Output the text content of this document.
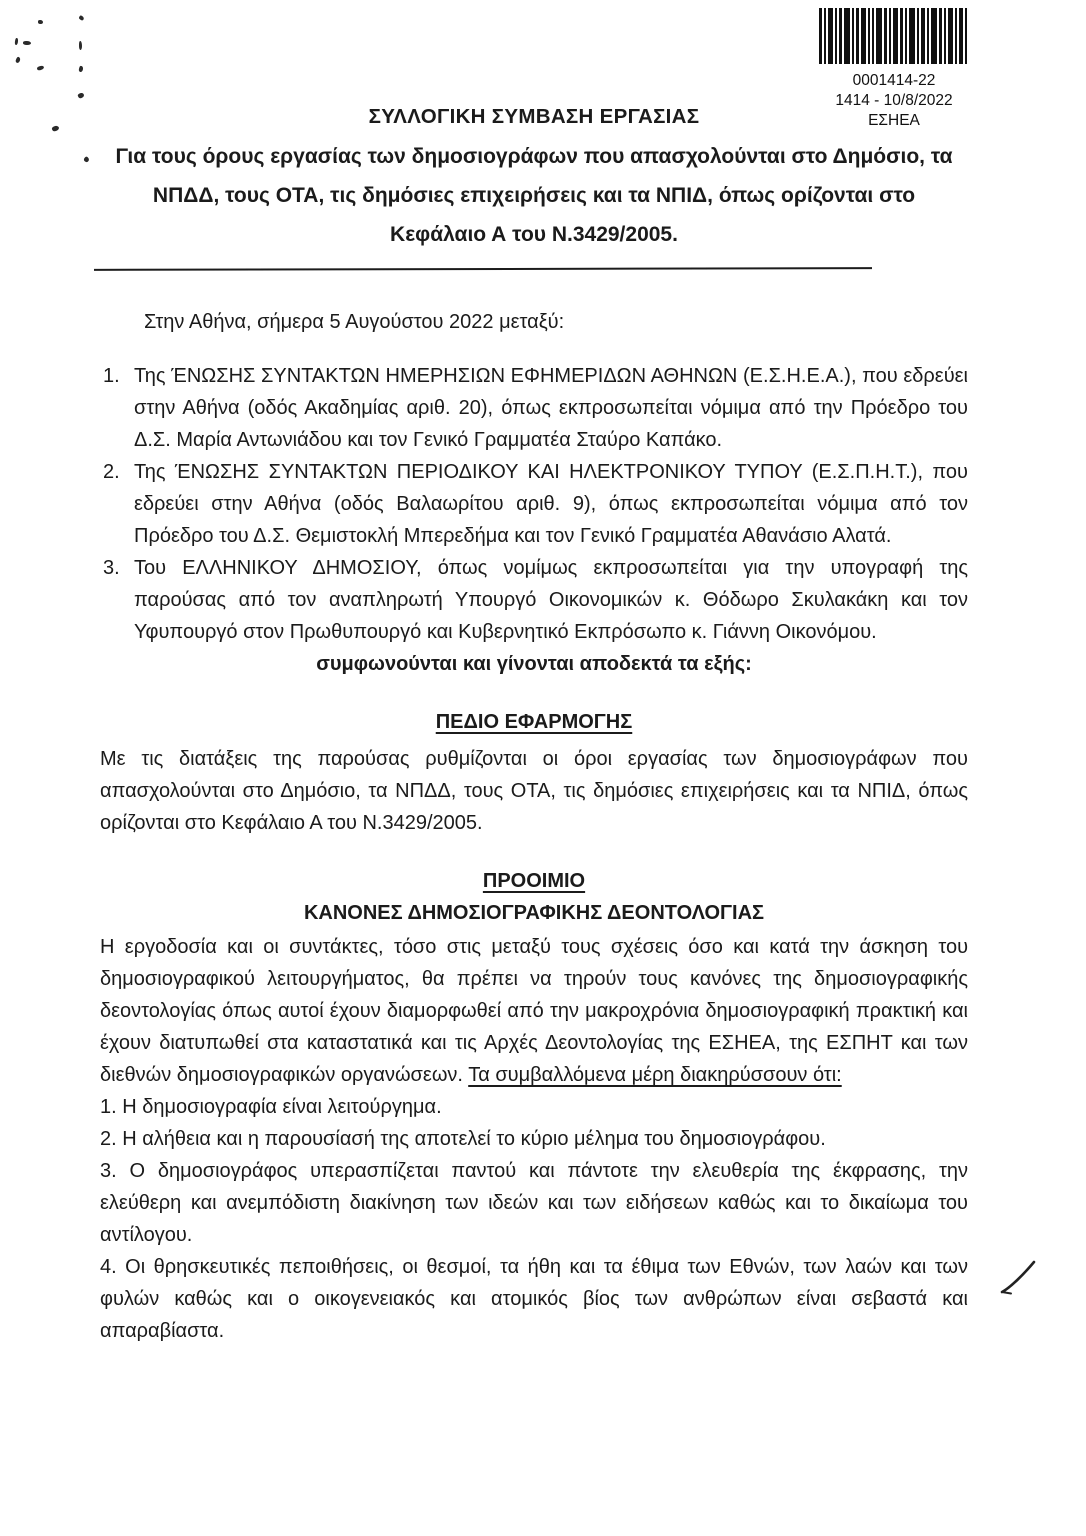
0001414-22
1414 - 10/8/2022
ΕΣΗΕΑ
ΣΥΛΛΟΓΙΚΗ ΣΥΜΒΑΣΗ ΕΡΓΑΣΙΑΣ
Για τους όρους εργασίας των δημοσιογράφων που απασχολούνται στο Δημόσιο, τα ΝΠΔΔ, τους ΟΤΑ, τις δημόσιες επιχειρήσεις και τα ΝΠΙΔ, όπως ορίζονται στο Κεφάλαιο Α του Ν.3429/2005.
Στην Αθήνα, σήμερα 5 Αυγούστου 2022 μεταξύ:
1. Της ΈΝΩΣΗΣ ΣΥΝΤΑΚΤΩΝ ΗΜΕΡΗΣΙΩΝ ΕΦΗΜΕΡΙΔΩΝ ΑΘΗΝΩΝ (Ε.Σ.Η.Ε.Α.), που εδρεύει στην Αθήνα (οδός Ακαδημίας αριθ. 20), όπως εκπροσωπείται νόμιμα από την Πρόεδρο του Δ.Σ. Μαρία Αντωνιάδου και τον Γενικό Γραμματέα Σταύρο Καπάκο.
2. Της ΈΝΩΣΗΣ ΣΥΝΤΑΚΤΩΝ ΠΕΡΙΟΔΙΚΟΥ ΚΑΙ ΗΛΕΚΤΡΟΝΙΚΟΥ ΤΥΠΟΥ (Ε.Σ.Π.Η.Τ.), που εδρεύει στην Αθήνα (οδός Βαλαωρίτου αριθ. 9), όπως εκπροσωπείται νόμιμα από τον Πρόεδρο του Δ.Σ. Θεμιστοκλή Μπερεδήμα και τον Γενικό Γραμματέα Αθανάσιο Αλατά.
3. Του ΕΛΛΗΝΙΚΟΥ ΔΗΜΟΣΙΟΥ, όπως νομίμως εκπροσωπείται για την υπογραφή της παρούσας από τον αναπληρωτή Υπουργό Οικονομικών κ. Θόδωρο Σκυλακάκη και τον Υφυπουργό στον Πρωθυπουργό και Κυβερνητικό Εκπρόσωπο κ. Γιάννη Οικονόμου.
συμφωνούνται και γίνονται αποδεκτά τα εξής:
ΠΕΔΙΟ ΕΦΑΡΜΟΓΗΣ
Με τις διατάξεις της παρούσας ρυθμίζονται οι όροι εργασίας των δημοσιογράφων που απασχολούνται στο Δημόσιο, τα ΝΠΔΔ, τους ΟΤΑ, τις δημόσιες επιχειρήσεις και τα ΝΠΙΔ, όπως ορίζονται στο Κεφάλαιο Α του Ν.3429/2005.
ΠΡΟΟΙΜΙΟ
ΚΑΝΟΝΕΣ ΔΗΜΟΣΙΟΓΡΑΦΙΚΗΣ ΔΕΟΝΤΟΛΟΓΙΑΣ
Η εργοδοσία και οι συντάκτες, τόσο στις μεταξύ τους σχέσεις όσο και κατά την άσκηση του δημοσιογραφικού λειτουργήματος, θα πρέπει να τηρούν τους κανόνες της δημοσιογραφικής δεοντολογίας όπως αυτοί έχουν διαμορφωθεί από την μακροχρόνια δημοσιογραφική πρακτική και έχουν διατυπωθεί στα καταστατικά και τις Αρχές Δεοντολογίας της ΕΣΗΕΑ, της ΕΣΠΗΤ και των διεθνών δημοσιογραφικών οργανώσεων. Τα συμβαλλόμενα μέρη διακηρύσσουν ότι:

1. Η δημοσιογραφία είναι λειτούργημα.

2. Η αλήθεια και η παρουσίασή της αποτελεί το κύριο μέλημα του δημοσιογράφου.

3. Ο δημοσιογράφος υπερασπίζεται παντού και πάντοτε την ελευθερία της έκφρασης, την ελεύθερη και ανεμπόδιστη διακίνηση των ιδεών και των ειδήσεων καθώς και το δικαίωμα του αντίλογου.

4. Οι θρησκευτικές πεποιθήσεις, οι θεσμοί, τα ήθη και τα έθιμα των Εθνών, των λαών και των φυλών καθώς και ο οικογενειακός και ατομικός βίος των ανθρώπων είναι σεβαστά και απαραβίαστα.
